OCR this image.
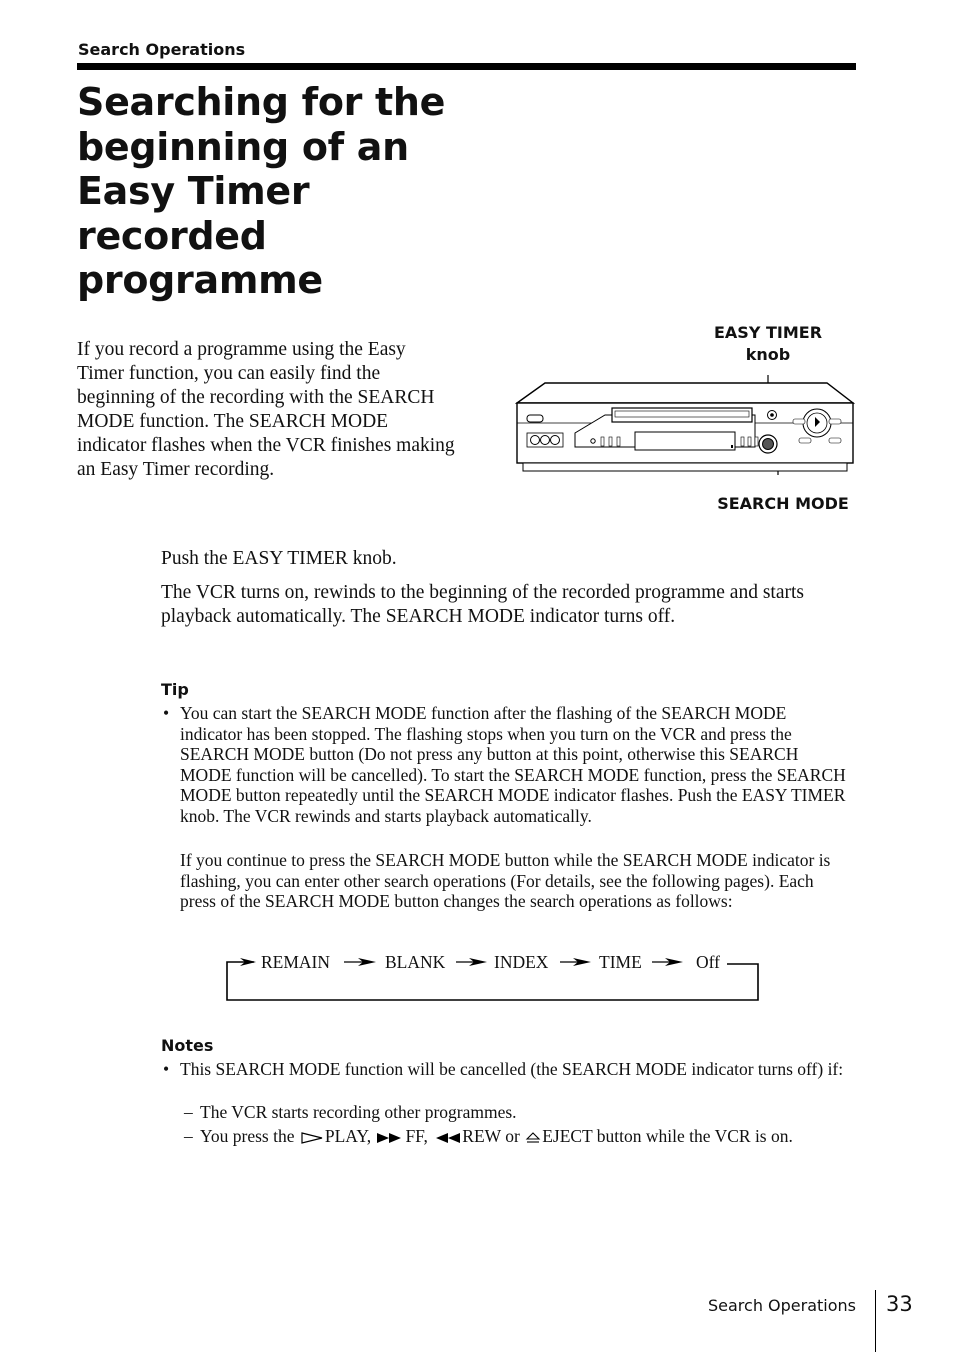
Search Operations
Searching for the beginning of an Easy Timer recorded programme

If you record a programme using the Easy Timer function, you can easily find the beginning of the recording with the SEARCH MODE function. The SEARCH MODE indicator flashes when the VCR finishes making an Easy Timer recording.

EASY TIMER
knob
SEARCH MODE

Push the EASY TIMER knob.

The VCR turns on, rewinds to the beginning of the recorded programme and starts playback automatically. The SEARCH MODE indicator turns off.

Tip
• You can start the SEARCH MODE function after the flashing of the SEARCH MODE indicator has been stopped. The flashing stops when you turn on the VCR and press the SEARCH MODE button (Do not press any button at this point, otherwise this SEARCH MODE function will be cancelled). To start the SEARCH MODE function, press the SEARCH MODE button repeatedly until the SEARCH MODE indicator flashes. Push the EASY TIMER knob. The VCR rewinds and starts playback automatically.

If you continue to press the SEARCH MODE button while the SEARCH MODE indicator is flashing, you can enter other search operations (For details, see the following pages). Each press of the SEARCH MODE button changes the search operations as follows:

REMAIN	BLANK	INDEX	TIME	Off
Notes
• This SEARCH MODE function will be cancelled (the SEARCH MODE indicator turns off) if:
– The VCR starts recording other programmes.
– You press the PLAY, FF, REW or EJECT button while the VCR is on.
Search Operations 33
